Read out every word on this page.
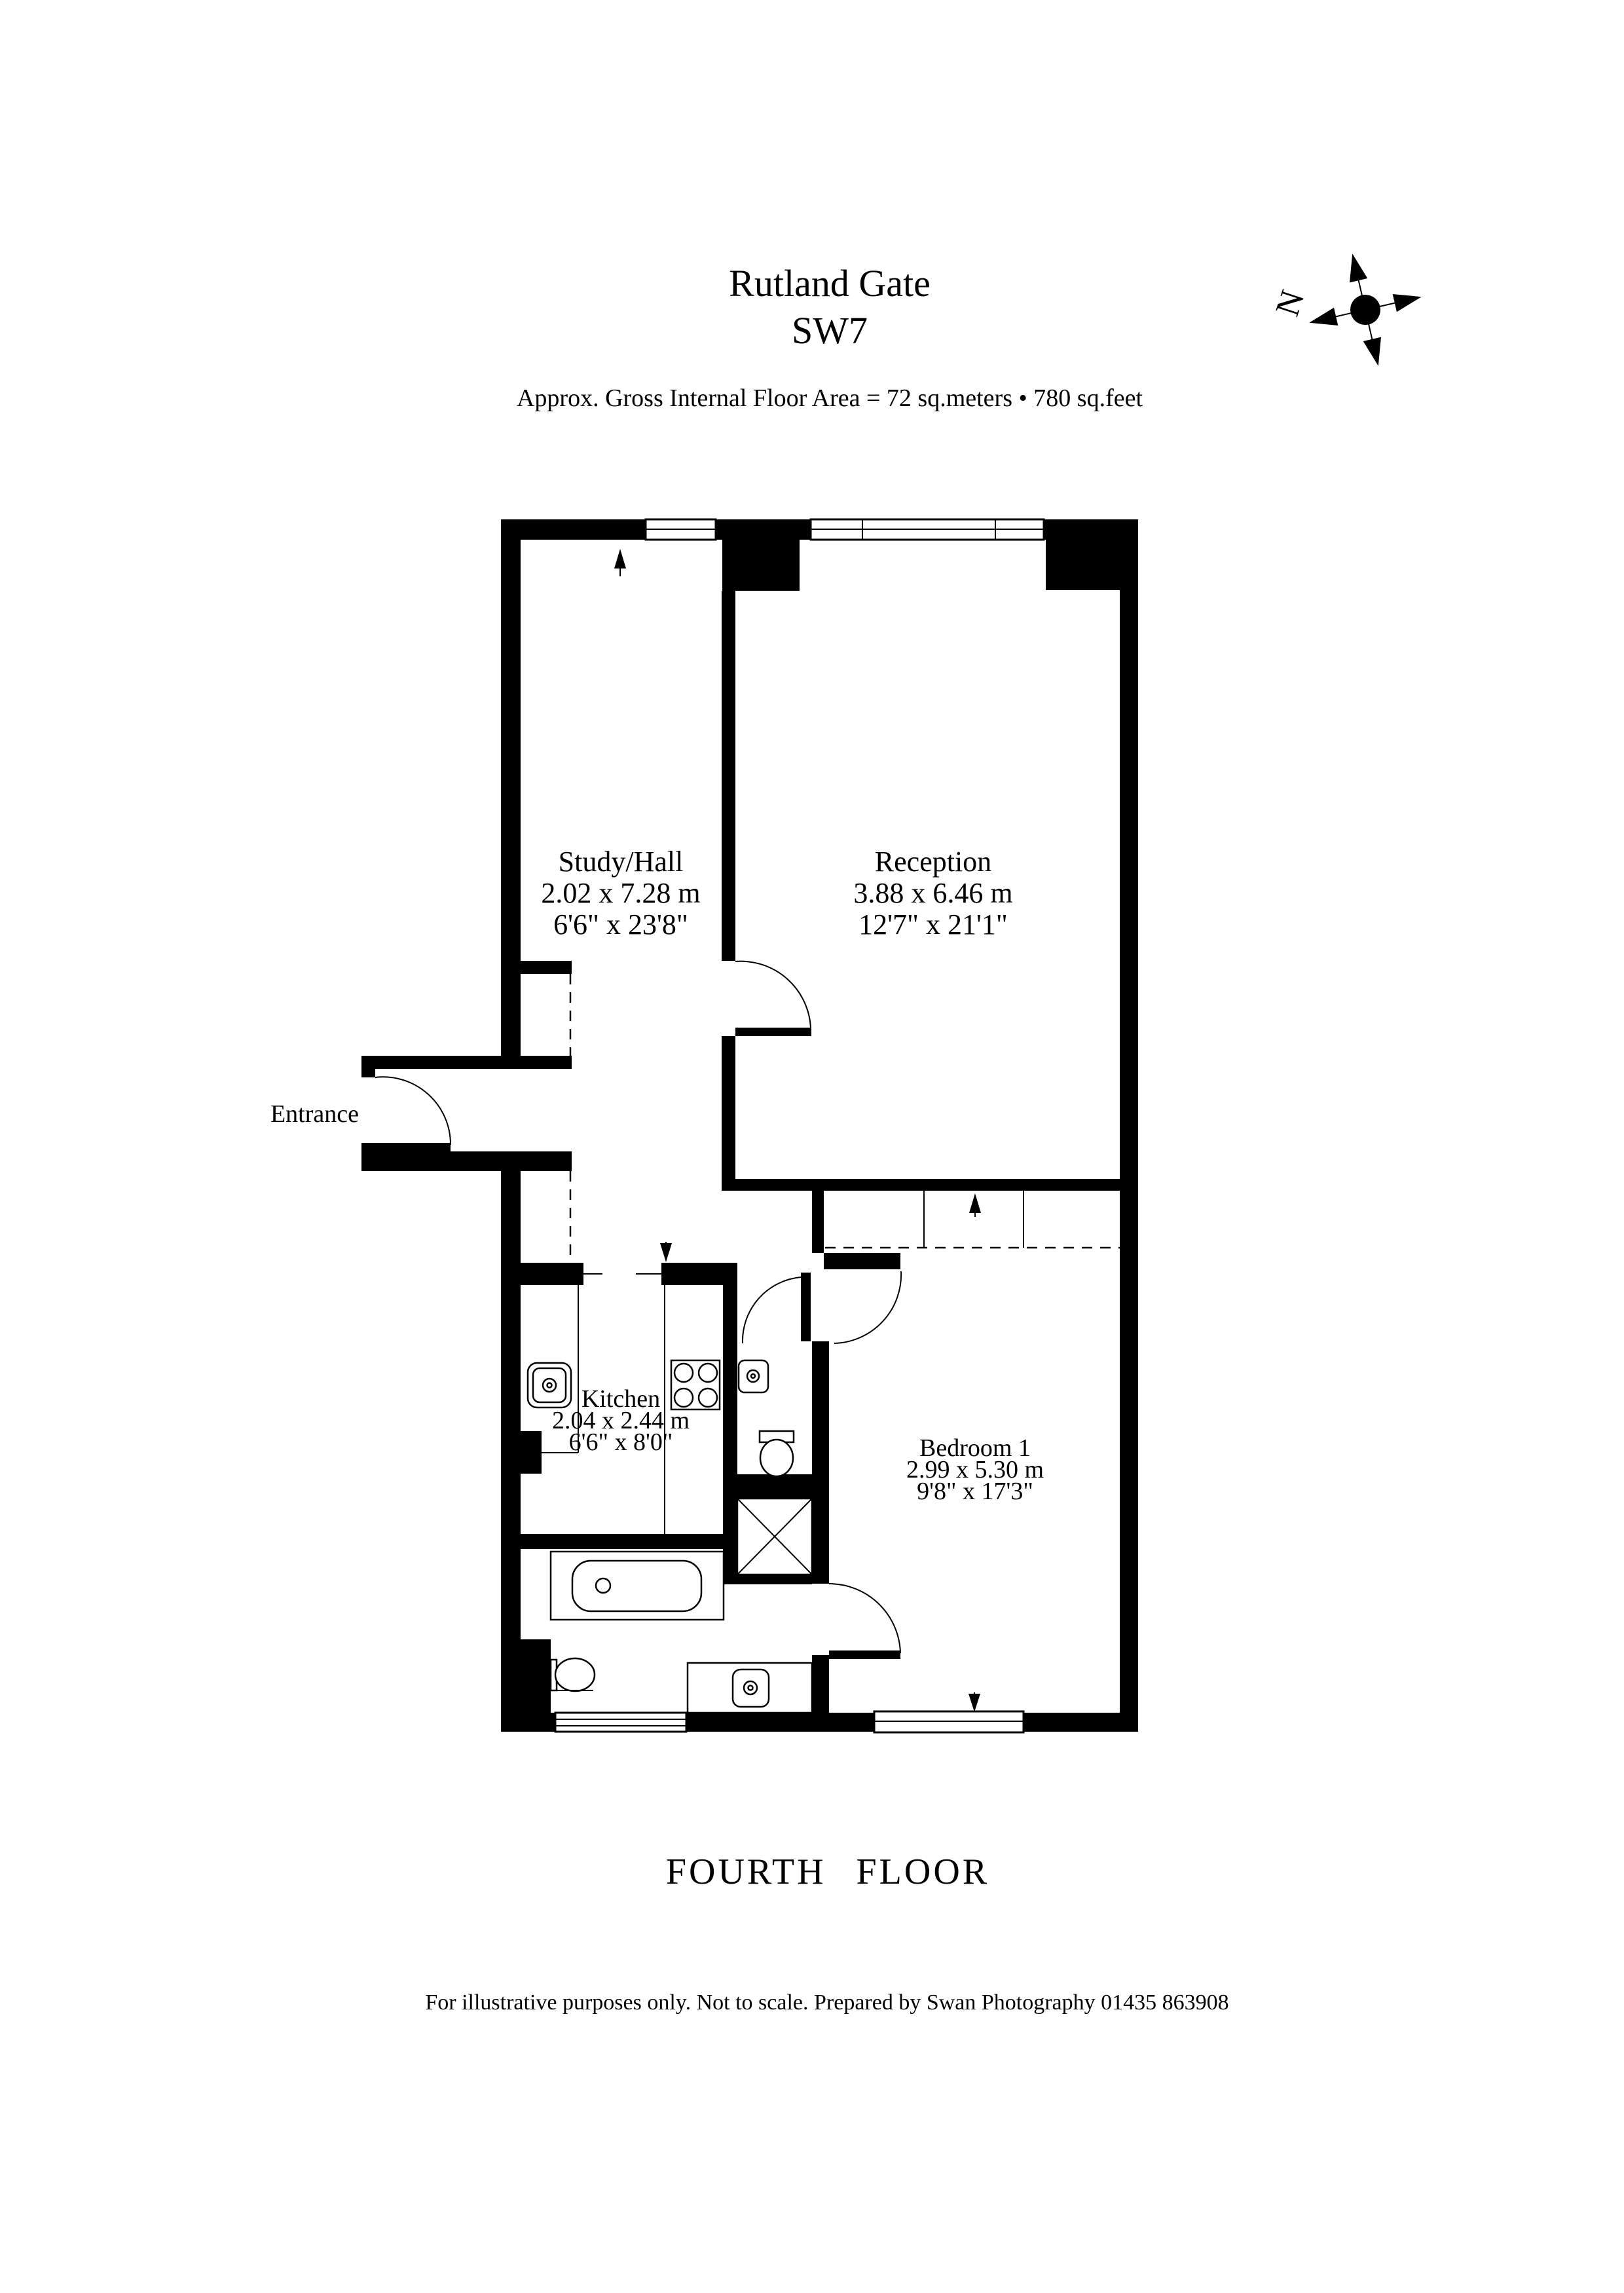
Rutland Gate
SW7
Approx. Gross Internal Floor Area = 72 sq.meters • 780 sq.feet
N
Study/Hall
2.02 x 7.28 m
6'6" x 23'8"
Reception
3.88 x 6.46 m
12'7" x 21'1"
Kitchen
2.04 x 2.44 m
6'6" x 8'0"	Bedroom 1
2.99 x 5.30 m
9'8" x 17'3"
Entrance
FOURTH FLOOR
For illustrative purposes only. Not to scale. Prepared by Swan Photography 01435 863908
